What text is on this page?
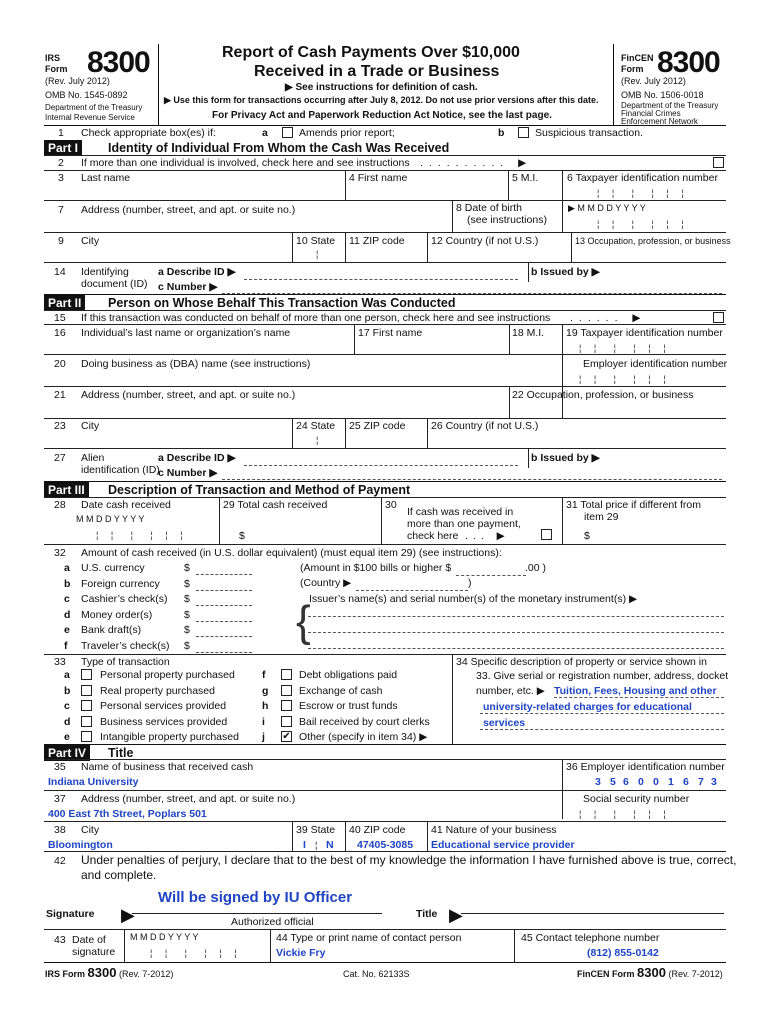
IRS
Form 8300
(Rev. July 2012)
OMB No. 1545-0892
Department of the Treasury
Internal Revenue Service
Report of Cash Payments Over $10,000
Received in a Trade or Business
▶ See instructions for definition of cash.
▶ Use this form for transactions occurring after July 8, 2012. Do not use prior versions after this date.
For Privacy Act and Paperwork Reduction Act Notice, see the last page.
FinCEN
Form 8300
(Rev. July 2012)
OMB No. 1506-0018
Department of the Treasury
Financial Crimes
Enforcement Network
1 Check appropriate box(es) if:	a	Amends prior report;	b	Suspicious transaction.
Part I	Identity of Individual From Whom the Cash Was Received
2 If more than one individual is involved, check here and see instructions .......... ▶
3 Last name	4 First name	5 M.I.	6 Taxpayer identification number
¦     ¦       ¦       ¦     ¦     ¦
7 Address (number, street, and apt. or suite no.)	8 Date of birth
(see instructions)
▶ M M D D Y Y Y Y
¦     ¦       ¦       ¦     ¦     ¦
9 City	10 State
¦
11 ZIP code	12 Country (if not U.S.)	13 Occupation, profession, or business
14 Identifying
document (ID)
a Describe ID ▶
c Number ▶
b Issued by ▶
Part II	Person on Whose Behalf This Transaction Was Conducted
15 If this transaction was conducted on behalf of more than one person, check here and see instructions ...... ▶
16 Individual’s last name or organization’s name	17 First name	18 M.I. 19 Taxpayer identification number
¦     ¦       ¦       ¦     ¦     ¦
20 Doing business as (DBA) name (see instructions)	Employer identification number
¦     ¦       ¦       ¦     ¦     ¦
21 Address (number, street, and apt. or suite no.)	22 Occupation, profession, or business
23 City	24 State
¦
25 ZIP code 26 Country (if not U.S.)
27 Alien
identification (ID)
a Describe ID ▶
c Number ▶
b Issued by ▶
Part III	Description of Transaction and Method of Payment
28 Date cash received
M M D D Y Y Y Y
¦     ¦       ¦       ¦     ¦     ¦
29 Total cash received
$
30
If cash was received in
more than one payment,
check here ... ▶
31 Total price if different from
item 29
$
32 Amount of cash received (in U.S. dollar equivalent) (must equal item 29) (see instructions):
a U.S. currency	$
b Foreign currency $
c Cashier’s check(s) $
d Money order(s)	$
e Bank draft(s)	$
f Traveler’s check(s) $
(Amount in $100 bills or higher $	.00 )
(Country ▶	)
Issuer’s name(s) and serial number(s) of the monetary instrument(s) ▶
{
33 Type of transaction
a	Personal property purchased
b	Real property purchased
c	Personal services provided
d	Business services provided
e	Intangible property purchased
f	Debt obligations paid
g	Exchange of cash
h	Escrow or trust funds
i	Bail received by court clerks
j ✔ Other (specify in item 34) ▶
34 Specific description of property or service shown in
33. Give serial or registration number, address, docket
number, etc. ▶ Tuition, Fees, Housing and other
university-related charges for educational
services
Part IV	Title
35 Name of business that received cash
Indiana University
36 Employer identification number
3 5 6 0 0 1 6 7 3
37 Address (number, street, and apt. or suite no.)
400 East 7th Street, Poplars 501
Social security number
¦     ¦       ¦       ¦     ¦     ¦
38 City
Bloomington
39 State
I ¦ N
40 ZIP code
47405-3085
41 Nature of your business
Educational service provider
42 Under penalties of perjury, I declare that to the best of my knowledge the information I have furnished above is true, correct,
and complete.
Will be signed by IU Officer
Signature ▶	Title ▶
Authorized official
43 Date of
signature
M M D D Y Y Y Y
¦     ¦       ¦       ¦     ¦     ¦
44 Type or print name of contact person
Vickie Fry
45 Contact telephone number
(812) 855-0142
IRS Form 8300 (Rev. 7-2012)	Cat. No. 62133S	FinCEN Form 8300 (Rev. 7-2012)
